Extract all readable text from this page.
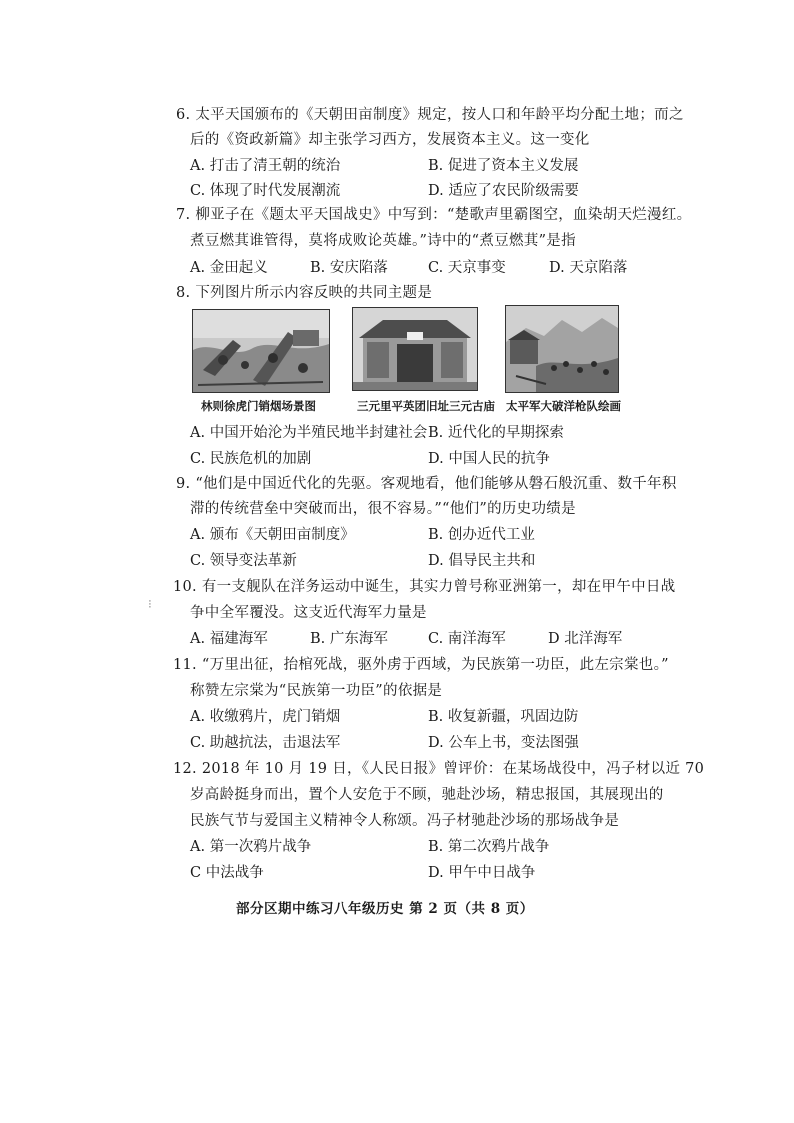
6. 太平天国颁布的《天朝田亩制度》规定，按人口和年龄平均分配土地；而之
后的《资政新篇》却主张学习西方，发展资本主义。这一变化
A. 打击了清王朝的统治	B. 促进了资本主义发展
C. 体现了时代发展潮流	D. 适应了农民阶级需要
7. 柳亚子在《题太平天国战史》中写到：“楚歌声里霸图空，血染胡天烂漫红。
煮豆燃萁谁管得，莫将成败论英雄。”诗中的“煮豆燃萁”是指
A. 金田起义	B. 安庆陷落	C. 天京事变	D. 天京陷落
8. 下列图片所示内容反映的共同主题是
林则徐虎门销烟场景图	三元里平英团旧址三元古庙 太平军大破洋枪队绘画
A. 中国开始沦为半殖民地半封建社会 B. 近代化的早期探索
C. 民族危机的加剧	D. 中国人民的抗争
9. “他们是中国近代化的先驱。客观地看，他们能够从磐石般沉重、数千年积
滞的传统营垒中突破而出，很不容易。”“他们”的历史功绩是
A. 颁布《天朝田亩制度》	B. 创办近代工业
C. 领导变法革新	D. 倡导民主共和
10. 有一支舰队在洋务运动中诞生，其实力曾号称亚洲第一，却在甲午中日战
争中全军覆没。这支近代海军力量是
⁝
A. 福建海军	B. 广东海军	C. 南洋海军	D 北洋海军
11. “万里出征，抬棺死战，驱外虏于西域，为民族第一功臣，此左宗棠也。”
称赞左宗棠为“民族第一功臣”的依据是
A. 收缴鸦片，虎门销烟	B. 收复新疆，巩固边防
C. 助越抗法，击退法军	D. 公车上书，变法图强
12. 2018 年 10 月 19 日，《人民日报》曾评价：在某场战役中，冯子材以近 70
岁高龄挺身而出，置个人安危于不顾，驰赴沙场，精忠报国，其展现出的
民族气节与爱国主义精神令人称颂。冯子材驰赴沙场的那场战争是
A. 第一次鸦片战争	B. 第二次鸦片战争
C 中法战争	D. 甲午中日战争
部分区期中练习八年级历史 第 2 页（共 8 页）
